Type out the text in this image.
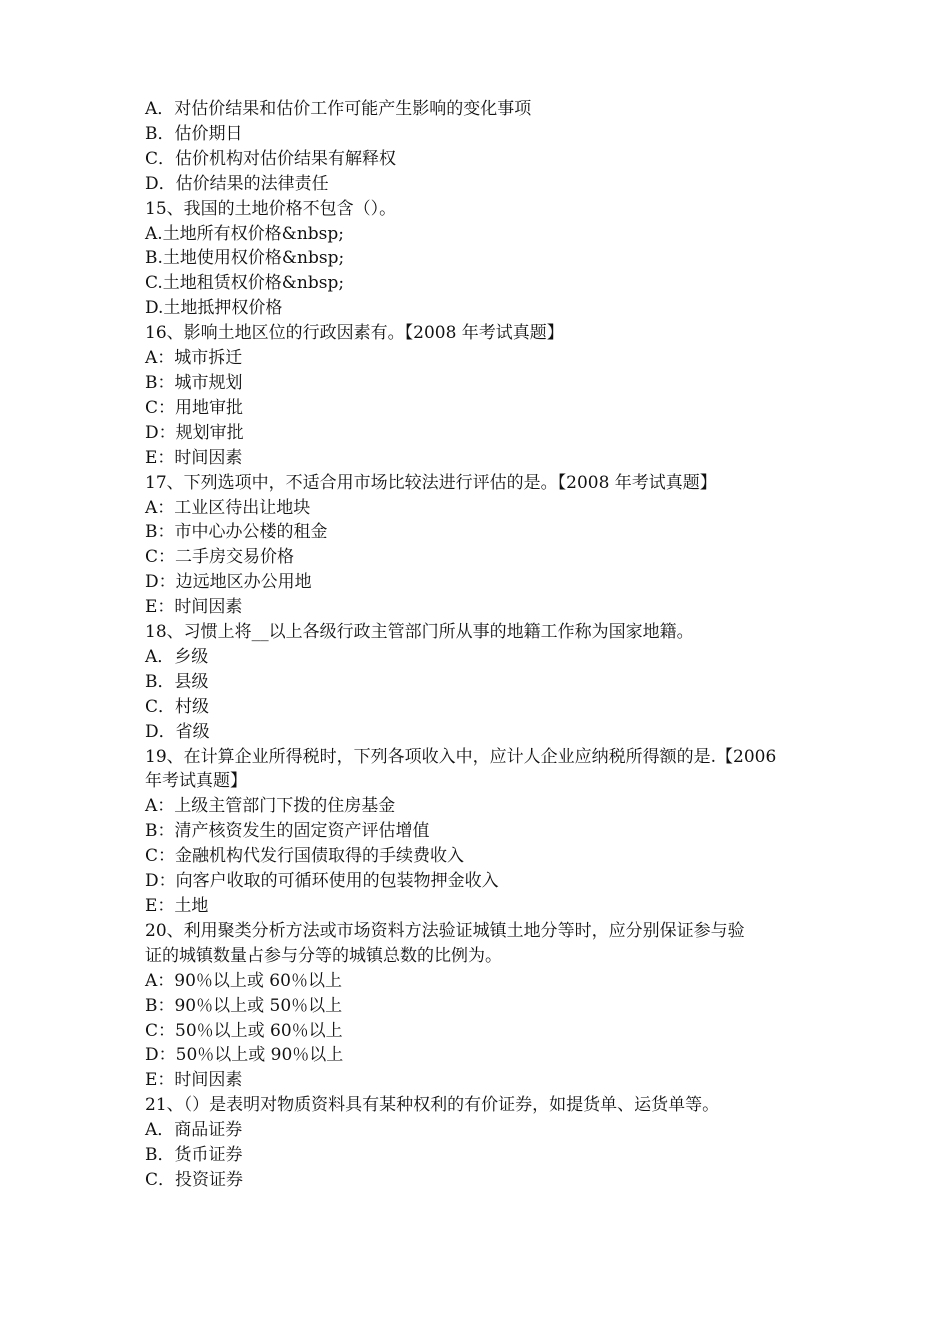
A．对估价结果和估价工作可能产生影响的变化事项

B．估价期日

C．估价机构对估价结果有解释权

D．估价结果的法律责任

15、我国的土地价格不包含（）。

A.土地所有权价格&nbsp;

B.土地使用权价格&nbsp;

C.土地租赁权价格&nbsp;

D.土地抵押权价格

16、影响土地区位的行政因素有。【2008 年考试真题】

A：城市拆迁

B：城市规划

C：用地审批

D：规划审批

E：时间因素

17、下列选项中，不适合用市场比较法进行评估的是。【2008 年考试真题】

A：工业区待出让地块

B：市中心办公楼的租金

C：二手房交易价格

D：边远地区办公用地

E：时间因素

18、习惯上将__以上各级行政主管部门所从事的地籍工作称为国家地籍。

A．乡级

B．县级

C．村级

D．省级

19、在计算企业所得税时，下列各项收入中，应计人企业应纳税所得额的是.【2006

年考试真题】

A：上级主管部门下拨的住房基金

B：清产核资发生的固定资产评估增值

C：金融机构代发行国债取得的手续费收入

D：向客户收取的可循环使用的包装物押金收入

E：土地

20、利用聚类分析方法或市场资料方法验证城镇土地分等时，应分别保证参与验

证的城镇数量占参与分等的城镇总数的比例为。

A：90％以上或 60％以上

B：90％以上或 50％以上

C：50％以上或 60％以上

D：50％以上或 90％以上

E：时间因素

21、（）是表明对物质资料具有某种权利的有价证券，如提货单、运货单等。

A．商品证券

B．货币证券

C．投资证券
